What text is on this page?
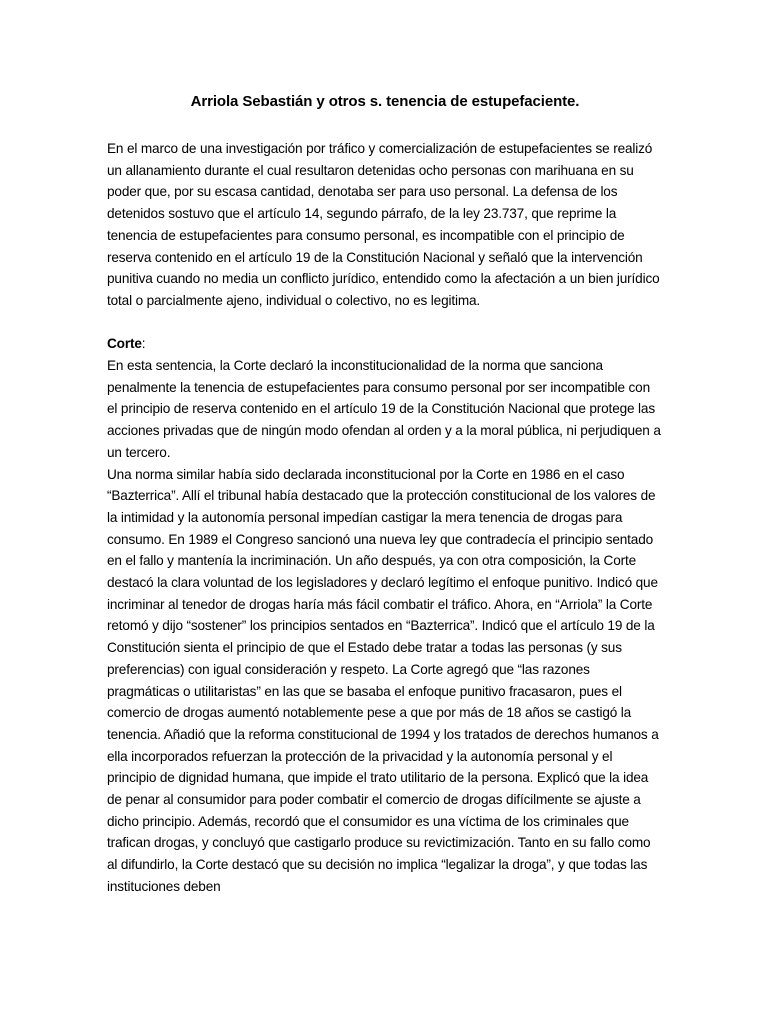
Arriola Sebastián y otros s. tenencia de estupefaciente.

En el marco de una investigación por tráfico y comercialización de estupefacientes se realizó un allanamiento durante el cual resultaron detenidas ocho personas con marihuana en su poder que, por su escasa cantidad, denotaba ser para uso personal. La defensa de los detenidos sostuvo que el artículo 14, segundo párrafo, de la ley 23.737, que reprime la tenencia de estupefacientes para consumo personal, es incompatible con el principio de reserva contenido en el artículo 19 de la Constitución Nacional y señaló que la intervención punitiva cuando no media un conflicto jurídico, entendido como la afectación a un bien jurídico total o parcialmente ajeno, individual o colectivo, no es legitima.

Corte:

En esta sentencia, la Corte declaró la inconstitucionalidad de la norma que sanciona penalmente la tenencia de estupefacientes para consumo personal por ser incompatible con el principio de reserva contenido en el artículo 19 de la Constitución Nacional que protege las acciones privadas que de ningún modo ofendan al orden y a la moral pública, ni perjudiquen a un tercero.

Una norma similar había sido declarada inconstitucional por la Corte en 1986 en el caso “Bazterrica”. Allí el tribunal había destacado que la protección constitucional de los valores de la intimidad y la autonomía personal impedían castigar la mera tenencia de drogas para consumo. En 1989 el Congreso sancionó una nueva ley que contradecía el principio sentado en el fallo y mantenía la incriminación. Un año después, ya con otra composición, la Corte destacó la clara voluntad de los legisladores y declaró legítimo el enfoque punitivo. Indicó que incriminar al tenedor de drogas haría más fácil combatir el tráfico. Ahora, en “Arriola” la Corte retomó y dijo “sostener” los principios sentados en “Bazterrica”. Indicó que el artículo 19 de la Constitución sienta el principio de que el Estado debe tratar a todas las personas (y sus preferencias) con igual consideración y respeto. La Corte agregó que “las razones pragmáticas o utilitaristas” en las que se basaba el enfoque punitivo fracasaron, pues el comercio de drogas aumentó notablemente pese a que por más de 18 años se castigó la tenencia. Añadió que la reforma constitucional de 1994 y los tratados de derechos humanos a ella incorporados refuerzan la protección de la privacidad y la autonomía personal y el principio de dignidad humana, que impide el trato utilitario de la persona. Explicó que la idea de penar al consumidor para poder combatir el comercio de drogas difícilmente se ajuste a dicho principio. Además, recordó que el consumidor es una víctima de los criminales que trafican drogas, y concluyó que castigarlo produce su revictimización. Tanto en su fallo como al difundirlo, la Corte destacó que su decisión no implica “legalizar la droga”, y que todas las instituciones deben
